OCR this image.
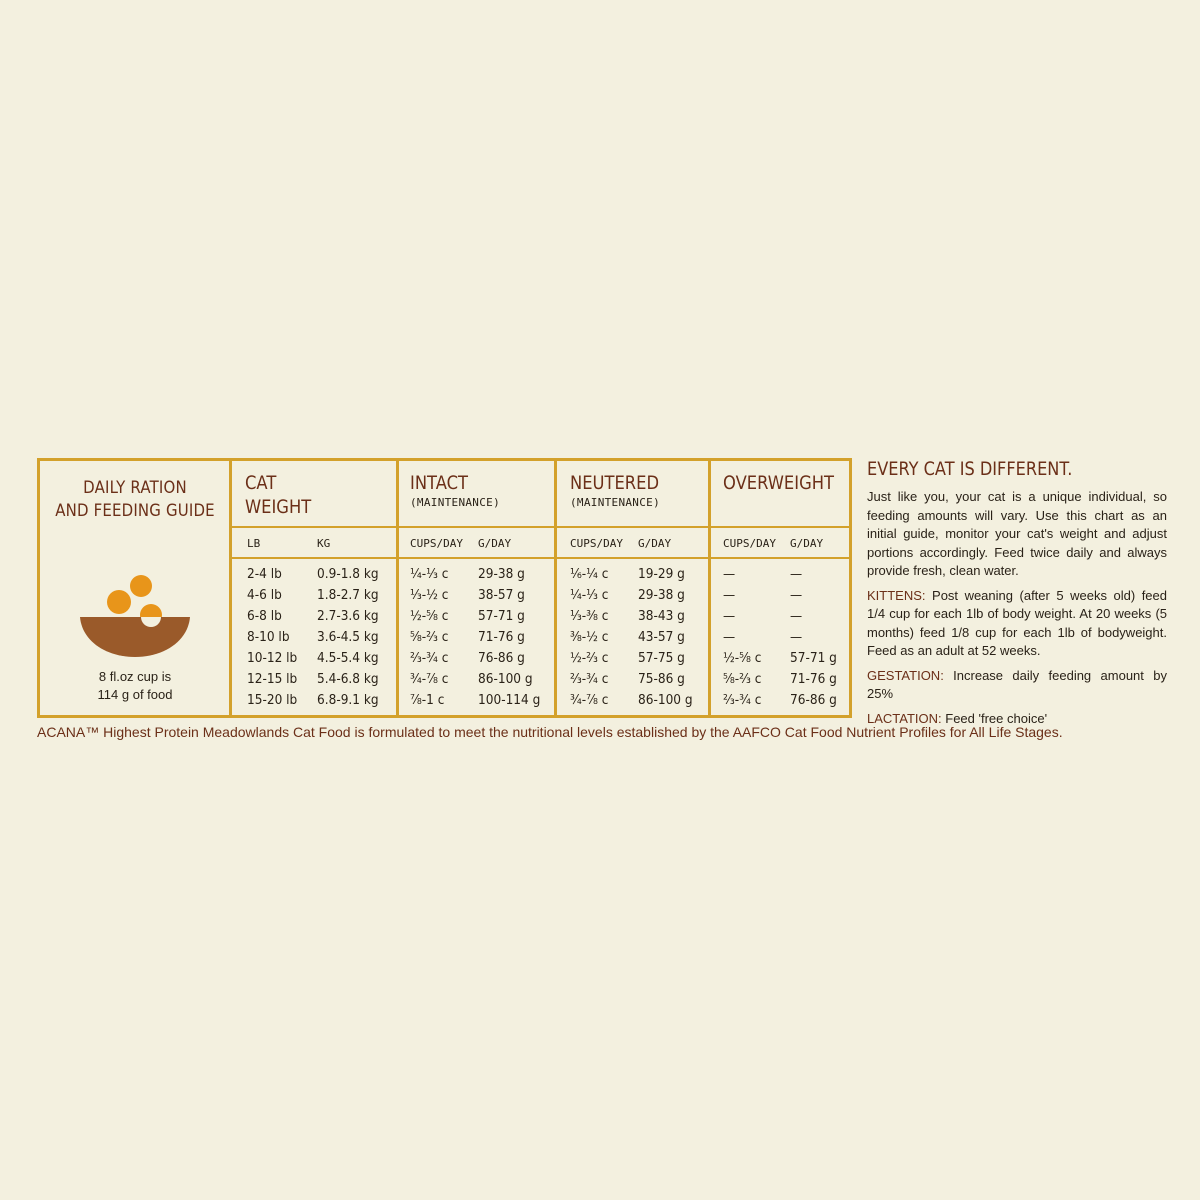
DAILY RATION
AND FEEDING GUIDE
8 fl.oz cup is
114 g of food
CAT
WEIGHT
INTACT
(MAINTENANCE)
NEUTERED
(MAINTENANCE)
OVERWEIGHT
LB	KG	CUPS/DAY G/DAY	CUPS/DAY G/DAY	CUPS/DAY G/DAY
2-4 lb	0.9-1.8 kg ¼-⅓ c 29-38 g	⅙-¼ c 19-29 g	—	—
4-6 lb	1.8-2.7 kg ⅓-½ c 38-57 g	¼-⅓ c 29-38 g	—	—
6-8 lb	2.7-3.6 kg ½-⅝ c 57-71 g	⅓-⅜ c 38-43 g	—	—
8-10 lb 3.6-4.5 kg ⅝-⅔ c 71-76 g	⅜-½ c 43-57 g	—	—
10-12 lb 4.5-5.4 kg ⅔-¾ c 76-86 g	½-⅔ c 57-75 g	½-⅝ c 57-71 g
12-15 lb 5.4-6.8 kg ¾-⅞ c 86-100 g	⅔-¾ c 75-86 g	⅝-⅔ c 71-76 g
15-20 lb 6.8-9.1 kg ⅞-1 c 100-114 g ¾-⅞ c 86-100 g ⅔-¾ c 76-86 g
EVERY CAT IS DIFFERENT.

Just like you, your cat is a unique individual, so feeding amounts will vary. Use this chart as an initial guide, monitor your cat's weight and adjust portions accordingly. Feed twice daily and always provide fresh, clean water.

KITTENS: Post weaning (after 5 weeks old) feed 1/4 cup for each 1lb of body weight. At 20 weeks (5 months) feed 1/8 cup for each 1lb of bodyweight. Feed as an adult at 52 weeks.

GESTATION: Increase daily feeding amount by 25%

LACTATION: Feed 'free choice'

ACANA™ Highest Protein Meadowlands Cat Food is formulated to meet the nutritional levels established by the AAFCO Cat Food Nutrient Profiles for All Life Stages.
